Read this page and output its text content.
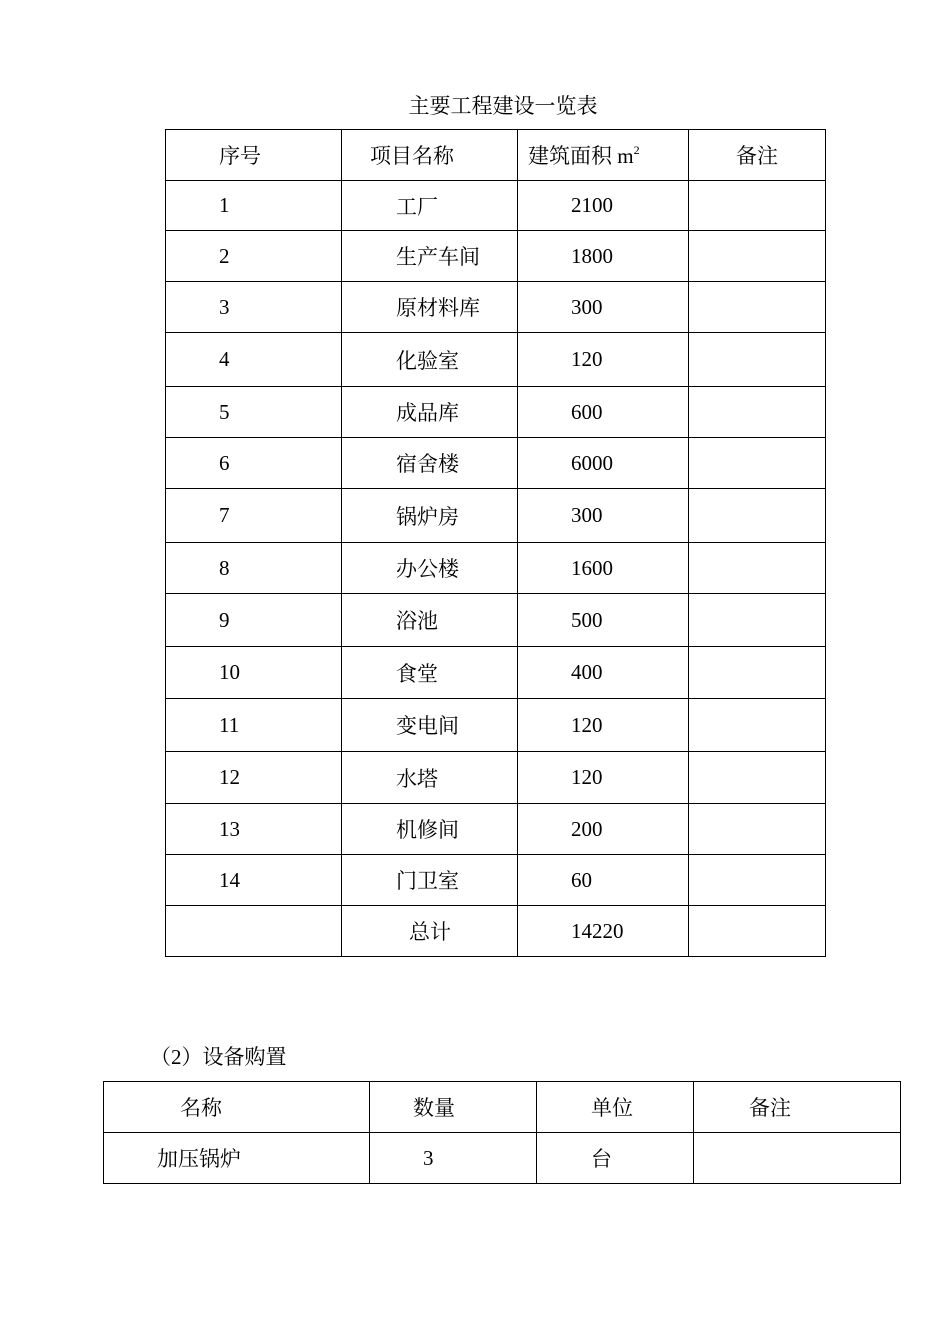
主要工程建设一览表
序号	项目名称	建筑面积 $m^2$	备注
1	工厂	2100	
2	生产车间	1800	
3	原材料库	300	
4	化验室	120	
5	成品库	600	
6	宿舍楼	6000	
7	锅炉房	300	
8	办公楼	1600	
9	浴池	500	
10	食堂	400	
11	变电间	120	
12	水塔	120	
13	机修间	200	
14	门卫室	60	
	总计	14220	
（2）设备购置
名称	数量	单位	备注
加压锅炉	3	台	
